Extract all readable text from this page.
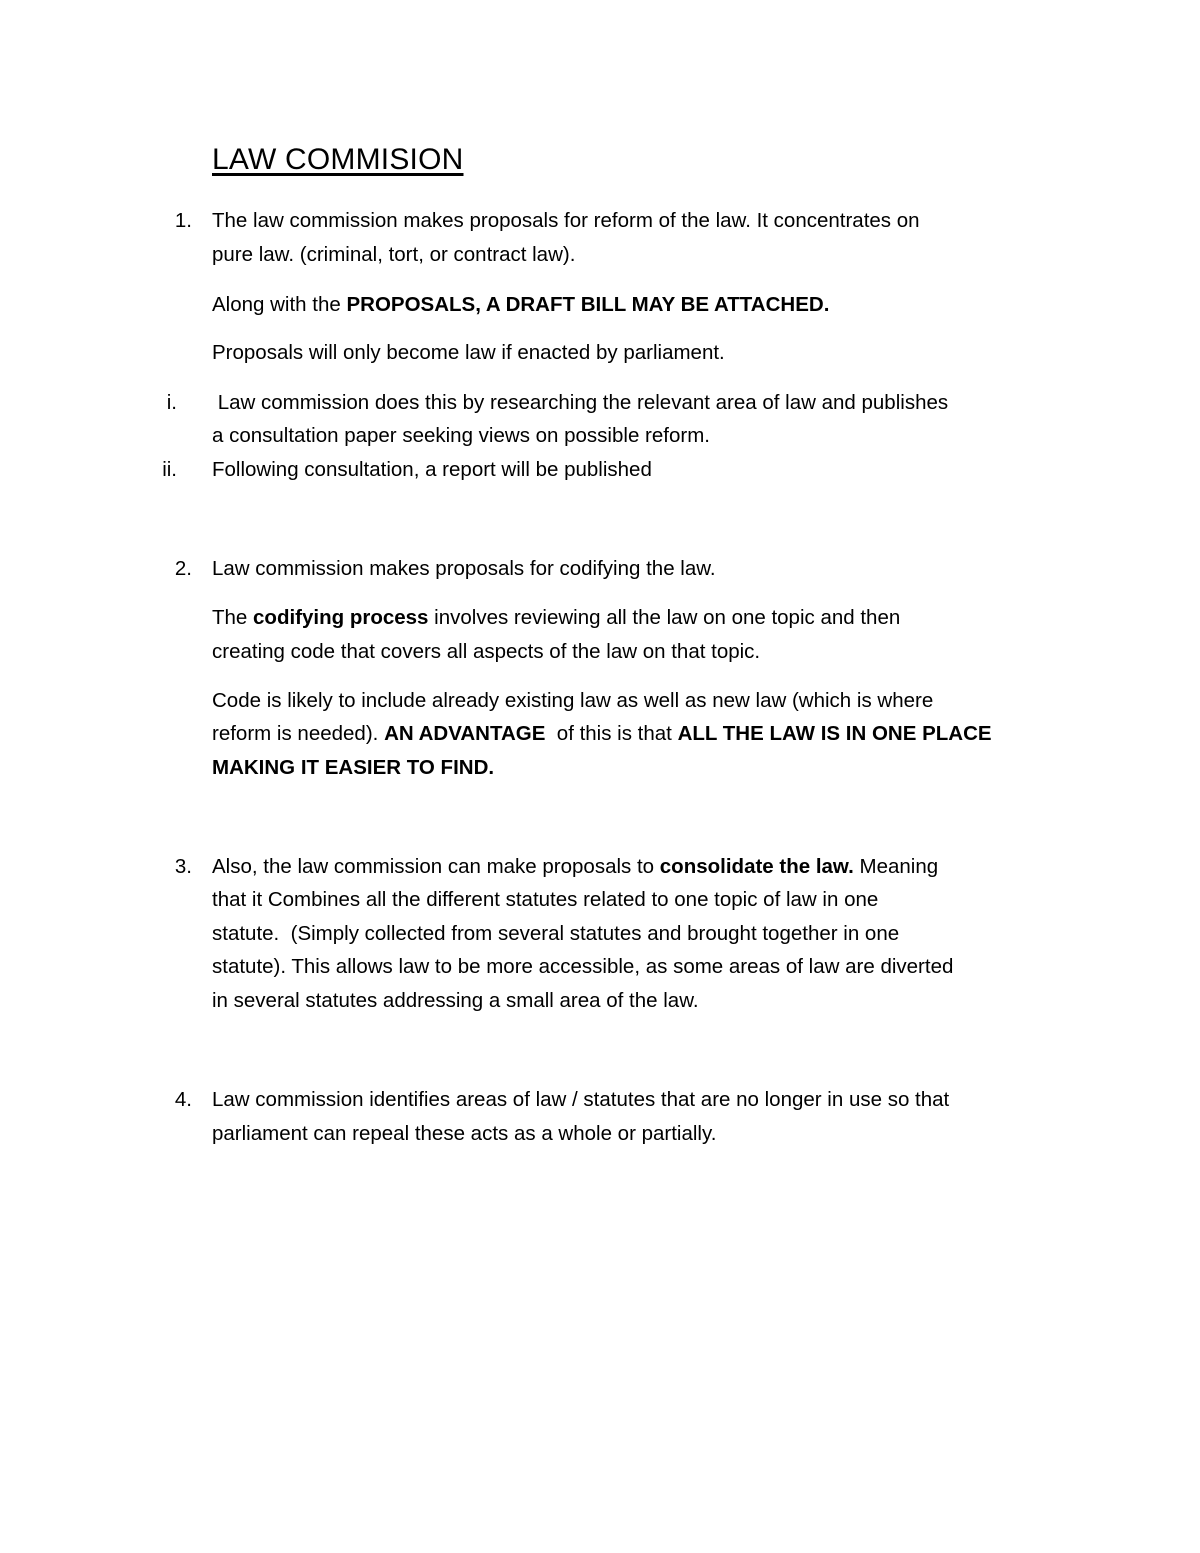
LAW COMMISION
1. The law commission makes proposals for reform of the law. It concentrates on
pure law. (criminal, tort, or contract law).
Along with the PROPOSALS, A DRAFT BILL MAY BE ATTACHED.
Proposals will only become law if enacted by parliament.
i. Law commission does this by researching the relevant area of law and publishes
a consultation paper seeking views on possible reform.
ii. Following consultation, a report will be published
2. Law commission makes proposals for codifying the law.
The codifying process involves reviewing all the law on one topic and then
creating code that covers all aspects of the law on that topic.
Code is likely to include already existing law as well as new law (which is where
reform is needed). AN ADVANTAGE  of this is that ALL THE LAW IS IN ONE PLACE
MAKING IT EASIER TO FIND.
3. Also, the law commission can make proposals to consolidate the law. Meaning
that it Combines all the different statutes related to one topic of law in one
statute.  (Simply collected from several statutes and brought together in one
statute). This allows law to be more accessible, as some areas of law are diverted
in several statutes addressing a small area of the law.
4. Law commission identifies areas of law / statutes that are no longer in use so that
parliament can repeal these acts as a whole or partially.
